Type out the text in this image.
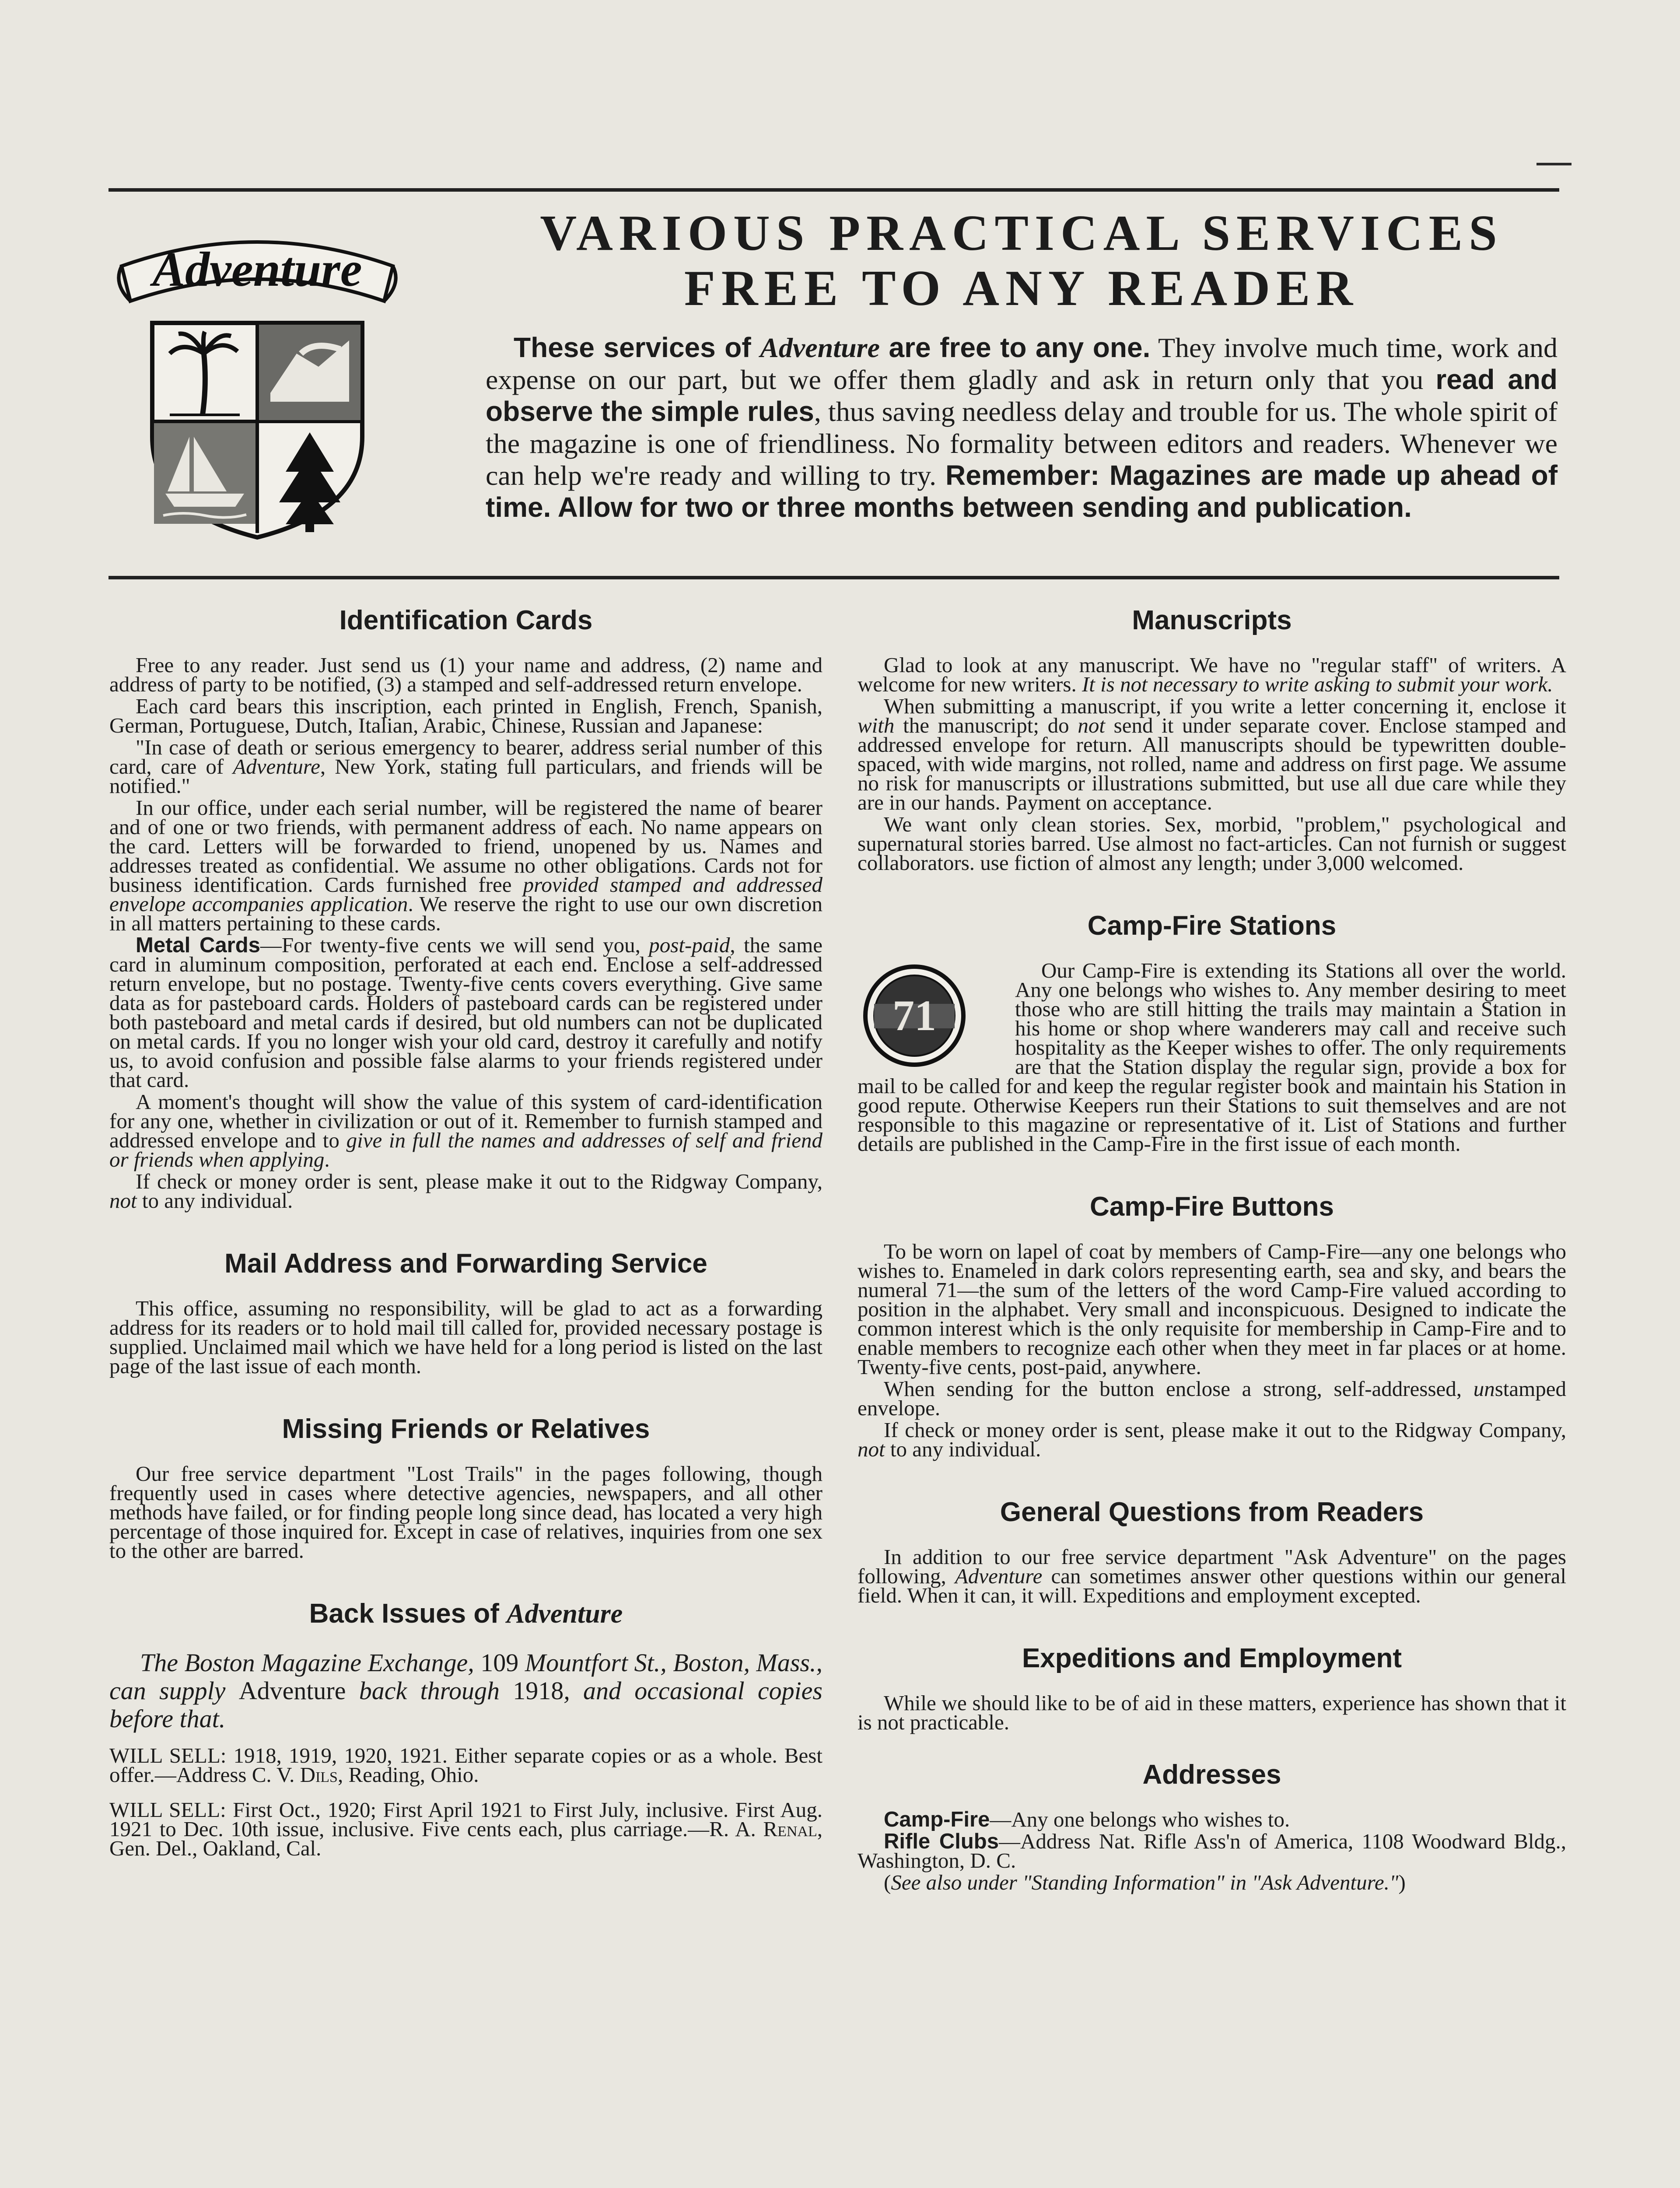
Adventure
VARIOUS PRACTICAL SERVICES
FREE TO ANY READER
These services of Adventure are free to any one. They involve much time, work and expense on our part, but we offer them gladly and ask in return only that you read and observe the simple rules, thus saving needless delay and trouble for us. The whole spirit of the magazine is one of friendliness. No formality between editors and readers. Whenever we can help we're ready and willing to try. Remember: Magazines are made up ahead of time. Allow for two or three months between sending and publication.
Identification Cards

Free to any reader. Just send us (1) your name and address, (2) name and address of party to be notified, (3) a stamped and self-addressed return envelope.

Each card bears this inscription, each printed in English, French, Spanish, German, Portuguese, Dutch, Italian, Arabic, Chinese, Russian and Japanese:

"In case of death or serious emergency to bearer, address serial number of this card, care of Adventure, New York, stating full particulars, and friends will be notified."

In our office, under each serial number, will be registered the name of bearer and of one or two friends, with permanent address of each. No name appears on the card. Letters will be forwarded to friend, unopened by us. Names and addresses treated as confidential. We assume no other obligations. Cards not for business identification. Cards furnished free provided stamped and addressed envelope accompanies application. We reserve the right to use our own discretion in all matters pertaining to these cards.

Metal Cards—For twenty-five cents we will send you, post-paid, the same card in aluminum composition, perforated at each end. Enclose a self-addressed return envelope, but no postage. Twenty-five cents covers everything. Give same data as for pasteboard cards. Holders of pasteboard cards can be registered under both pasteboard and metal cards if desired, but old numbers can not be duplicated on metal cards. If you no longer wish your old card, destroy it carefully and notify us, to avoid confusion and possible false alarms to your friends registered under that card.

A moment's thought will show the value of this system of card-identification for any one, whether in civilization or out of it. Remember to furnish stamped and addressed envelope and to give in full the names and addresses of self and friend or friends when applying.

If check or money order is sent, please make it out to the Ridgway Company, not to any individual.

Mail Address and Forwarding Service

This office, assuming no responsibility, will be glad to act as a forwarding address for its readers or to hold mail till called for, provided necessary postage is supplied. Unclaimed mail which we have held for a long period is listed on the last page of the last issue of each month.

Missing Friends or Relatives

Our free service department "Lost Trails" in the pages following, though frequently used in cases where detective agencies, newspapers, and all other methods have failed, or for finding people long since dead, has located a very high percentage of those inquired for. Except in case of relatives, inquiries from one sex to the other are barred.

Back Issues of Adventure

The Boston Magazine Exchange, 109 Mountfort St., Boston, Mass., can supply Adventure back through 1918, and occasional copies before that.

WILL SELL: 1918, 1919, 1920, 1921. Either separate copies or as a whole. Best offer.—Address C. V. Dils, Reading, Ohio.

WILL SELL: First Oct., 1920; First April 1921 to First July, inclusive. First Aug. 1921 to Dec. 10th issue, inclusive. Five cents each, plus carriage.—R. A. Renal, Gen. Del., Oakland, Cal.

Manuscripts

Glad to look at any manuscript. We have no "regular staff" of writers. A welcome for new writers. It is not necessary to write asking to submit your work.

When submitting a manuscript, if you write a letter concerning it, enclose it with the manuscript; do not send it under separate cover. Enclose stamped and addressed envelope for return. All manuscripts should be typewritten double-spaced, with wide margins, not rolled, name and address on first page. We assume no risk for manuscripts or illustrations submitted, but use all due care while they are in our hands. Payment on acceptance.

We want only clean stories. Sex, morbid, "problem," psychological and supernatural stories barred. Use almost no fact-articles. Can not furnish or suggest collaborators. use fiction of almost any length; under 3,000 welcomed.

Camp-Fire Stations
71

Our Camp-Fire is extending its Stations all over the world. Any one belongs who wishes to. Any member desiring to meet those who are still hitting the trails may maintain a Station in his home or shop where wanderers may call and receive such hospitality as the Keeper wishes to offer. The only requirements are that the Station display the regular sign, provide a box for mail to be called for and keep the regular register book and maintain his Station in good repute. Otherwise Keepers run their Stations to suit themselves and are not responsible to this magazine or representative of it. List of Stations and further details are published in the Camp-Fire in the first issue of each month.

Camp-Fire Buttons

To be worn on lapel of coat by members of Camp-Fire—any one belongs who wishes to. Enameled in dark colors representing earth, sea and sky, and bears the numeral 71—the sum of the letters of the word Camp-Fire valued according to position in the alphabet. Very small and inconspicuous. Designed to indicate the common interest which is the only requisite for membership in Camp-Fire and to enable members to recognize each other when they meet in far places or at home. Twenty-five cents, post-paid, anywhere.

When sending for the button enclose a strong, self-addressed, unstamped envelope.

If check or money order is sent, please make it out to the Ridgway Company, not to any individual.

General Questions from Readers

In addition to our free service department "Ask Adventure" on the pages following, Adventure can sometimes answer other questions within our general field. When it can, it will. Expeditions and employment excepted.

Expeditions and Employment

While we should like to be of aid in these matters, experience has shown that it is not practicable.

Addresses

Camp-Fire—Any one belongs who wishes to.

Rifle Clubs—Address Nat. Rifle Ass'n of America, 1108 Woodward Bldg., Washington, D. C.

(See also under "Standing Information" in "Ask Adventure.")
